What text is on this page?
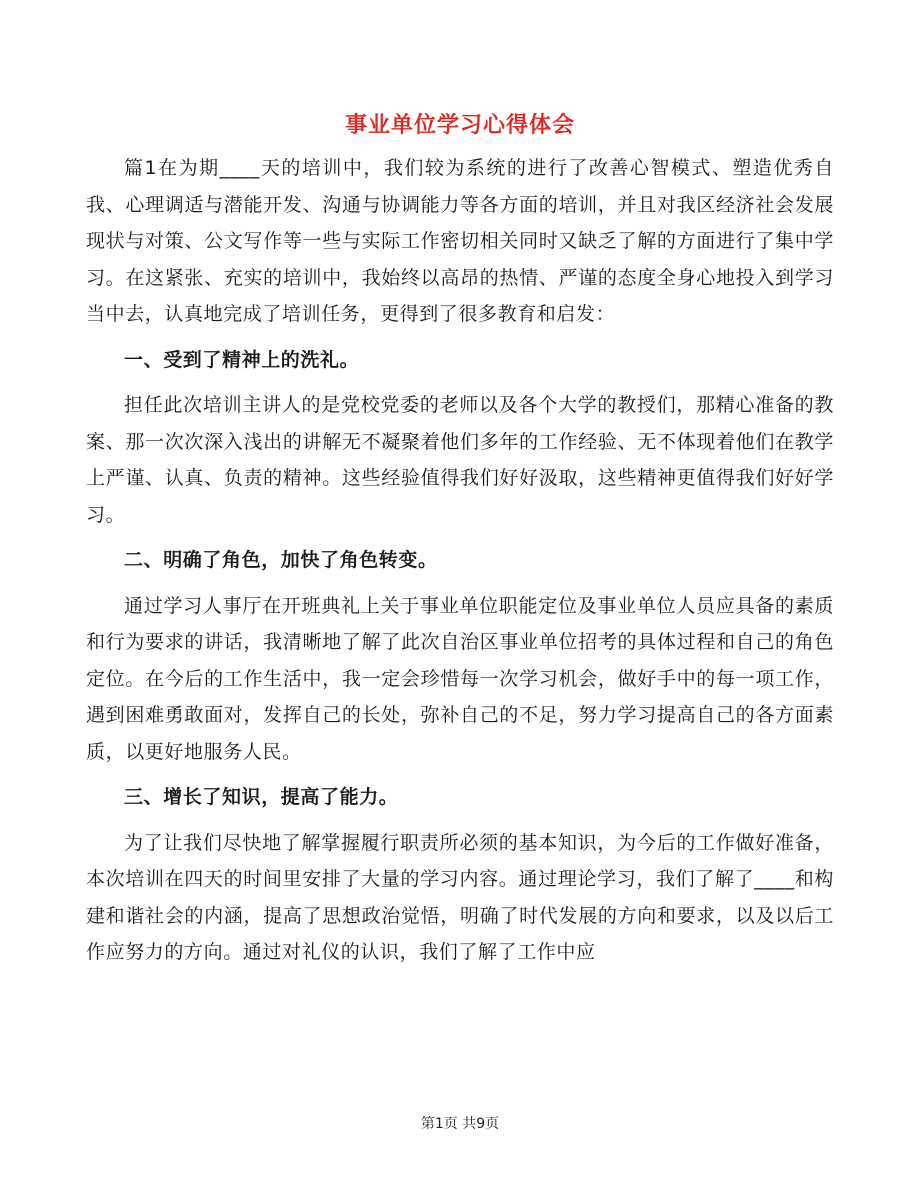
事业单位学习心得体会

篇1在为期____天的培训中，我们较为系统的进行了改善心智模式、塑造优秀自我、心理调适与潜能开发、沟通与协调能力等各方面的培训，并且对我区经济社会发展现状与对策、公文写作等一些与实际工作密切相关同时又缺乏了解的方面进行了集中学习。在这紧张、充实的培训中，我始终以高昂的热情、严谨的态度全身心地投入到学习当中去，认真地完成了培训任务，更得到了很多教育和启发：

一、受到了精神上的洗礼。

担任此次培训主讲人的是党校党委的老师以及各个大学的教授们，那精心准备的教案、那一次次深入浅出的讲解无不凝聚着他们多年的工作经验、无不体现着他们在教学上严谨、认真、负责的精神。这些经验值得我们好好汲取，这些精神更值得我们好好学习。

二、明确了角色，加快了角色转变。

通过学习人事厅在开班典礼上关于事业单位职能定位及事业单位人员应具备的素质和行为要求的讲话，我清晰地了解了此次自治区事业单位招考的具体过程和自己的角色定位。在今后的工作生活中，我一定会珍惜每一次学习机会，做好手中的每一项工作，遇到困难勇敢面对，发挥自己的长处，弥补自己的不足，努力学习提高自己的各方面素质，以更好地服务人民。

三、增长了知识，提高了能力。

为了让我们尽快地了解掌握履行职责所必须的基本知识，为今后的工作做好准备，本次培训在四天的时间里安排了大量的学习内容。通过理论学习，我们了解了____和构建和谐社会的内涵，提高了思想政治觉悟，明确了时代发展的方向和要求，以及以后工作应努力的方向。通过对礼仪的认识，我们了解了工作中应

第1页 共9页
